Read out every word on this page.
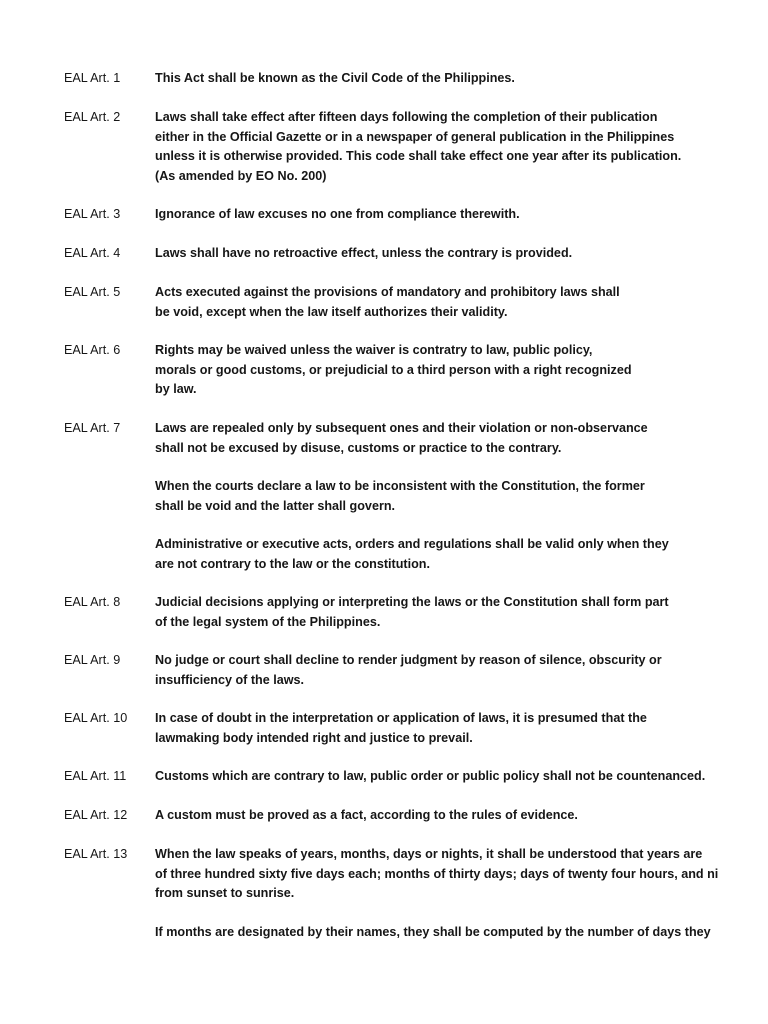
EAL Art. 1	This Act shall be known as the Civil Code of the Philippines.
EAL Art. 2	Laws shall take effect after fifteen days following the completion of their publication
either in the Official Gazette or in a newspaper of general publication in the Philippines
unless it is otherwise provided. This code shall take effect one year after its publication.
(As amended by EO No. 200)
EAL Art. 3	Ignorance of law excuses no one from compliance therewith.
EAL Art. 4	Laws shall have no retroactive effect, unless the contrary is provided.
EAL Art. 5	Acts executed against the provisions of mandatory and prohibitory laws shall
be void, except when the law itself authorizes their validity.
EAL Art. 6	Rights may be waived unless the waiver is contratry to law, public policy,
morals or good customs, or prejudicial to a third person with a right recognized
by law.
EAL Art. 7	Laws are repealed only by subsequent ones and their violation or non-observance
shall not be excused by disuse, customs or practice to the contrary.
When the courts declare a law to be inconsistent with the Constitution, the former
shall be void and the latter shall govern.
Administrative or executive acts, orders and regulations shall be valid only when they
are not contrary to the law or the constitution.
EAL Art. 8	Judicial decisions applying or interpreting the laws or the Constitution shall form part
of the legal system of the Philippines.
EAL Art. 9	No judge or court shall decline to render judgment by reason of silence, obscurity or
insufficiency of the laws.
EAL Art. 10	In case of doubt in the interpretation or application of laws, it is presumed that the
lawmaking body intended right and justice to prevail.
EAL Art. 11	Customs which are contrary to law, public order or public policy shall not be countenanced.
EAL Art. 12	A custom must be proved as a fact, according to the rules of evidence.
EAL Art. 13	When the law speaks of years, months, days or nights, it shall be understood that years are
of three hundred sixty five days each; months of thirty days; days of twenty four hours, and ni
from sunset to sunrise.
If months are designated by their names, they shall be computed by the number of days they
